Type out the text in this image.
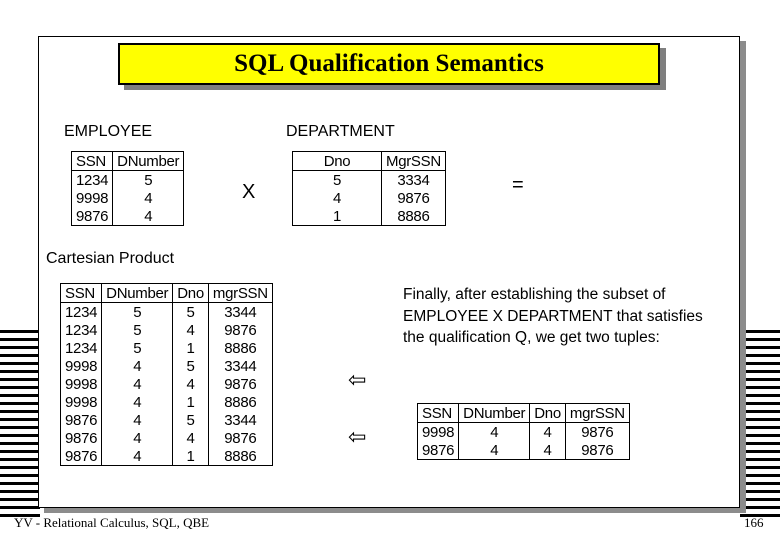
SQL Qualification Semantics
EMPLOYEE	DEPARTMENT
SSN	DNumber
1234	5
9998	4
9876	4
X
Dno	MgrSSN
5	3334
4	9876
1	8886
=
Cartesian Product
SSN	DNumber	Dno	mgrSSN
1234	5	5	3344
1234	5	4	9876
1234	5	1	8886
9998	4	5	3344
9998	4	4	9876
9998	4	1	8886
9876	4	5	3344
9876	4	4	9876
9876	4	1	8886
⇦
⇦
Finally, after establishing the subset of EMPLOYEE X DEPARTMENT that satisfies the qualification Q, we get two tuples:
SSN	DNumber	Dno	mgrSSN
9998	4	4	9876
9876	4	4	9876
YV - Relational Calculus, SQL, QBE	166
